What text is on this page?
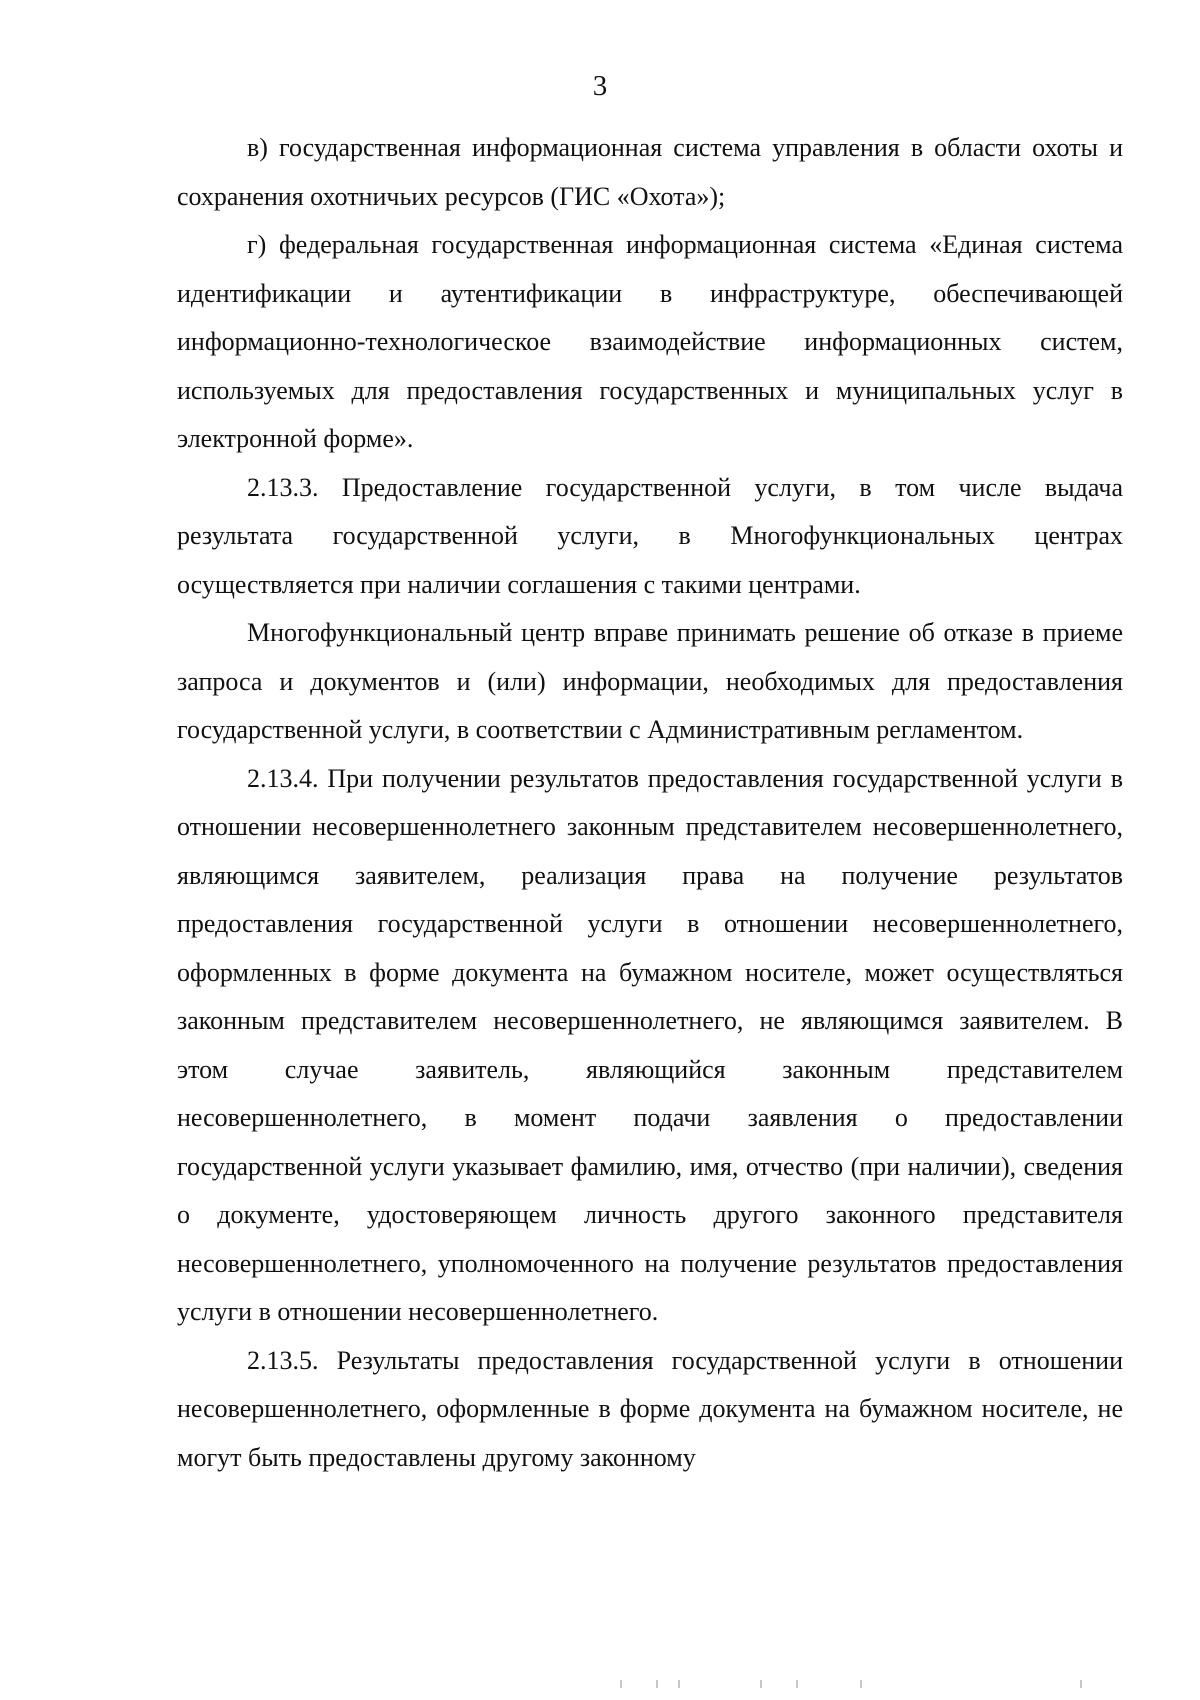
3

в) государственная информационная система управления в области охоты и сохранения охотничьих ресурсов (ГИС «Охота»);

г) федеральная государственная информационная система «Единая система идентификации и аутентификации в инфраструктуре, обеспечивающей информационно-технологическое взаимодействие информационных систем, используемых для предоставления государственных и муниципальных услуг в электронной форме».

2.13.3. Предоставление государственной услуги, в том числе выдача результата государственной услуги, в Многофункциональных центрах осуществляется при наличии соглашения с такими центрами.

Многофункциональный центр вправе принимать решение об отказе в приеме запроса и документов и (или) информации, необходимых для предоставления государственной услуги, в соответствии с Административным регламентом.

2.13.4. При получении результатов предоставления государственной услуги в отношении несовершеннолетнего законным представителем несовершеннолетнего, являющимся заявителем, реализация права на получение результатов предоставления государственной услуги в отношении несовершеннолетнего, оформленных в форме документа на бумажном носителе, может осуществляться законным представителем несовершеннолетнего, не являющимся заявителем. В этом случае заявитель, являющийся законным представителем несовершеннолетнего, в момент подачи заявления о предоставлении государственной услуги указывает фамилию, имя, отчество (при наличии), сведения о документе, удостоверяющем личность другого законного представителя несовершеннолетнего, уполномоченного на получение результатов предоставления услуги в отношении несовершеннолетнего.

2.13.5. Результаты предоставления государственной услуги в отношении несовершеннолетнего, оформленные в форме документа на бумажном носителе, не могут быть предоставлены другому законному
